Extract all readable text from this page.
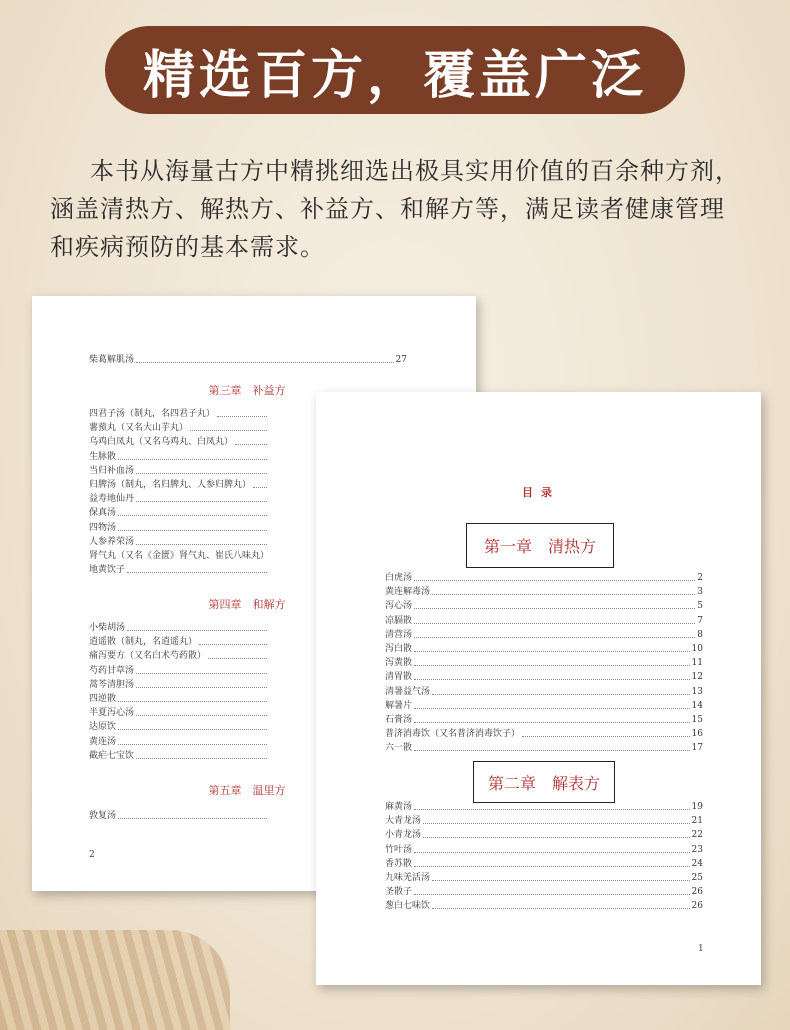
精选百方，覆盖广泛
本书从海量古方中精挑细选出极具实用价值的百余种方剂，
涵盖清热方、解热方、补益方、和解方等，满足读者健康管理
和疾病预防的基本需求。
柴葛解肌汤	27
第三章　补益方
第四章　和解方
第五章　温里方
2
四君子汤（制丸，名四君子丸）
薯蓣丸（又名大山芋丸）
乌鸡白凤丸（又名乌鸡丸、白凤丸）
生脉散
当归补血汤
归脾汤（制丸，名归脾丸、人参归脾丸）
益寿地仙丹
保真汤
四物汤
人参养荣汤
肾气丸（又名《金匮》肾气丸、崔氏八味丸）
地黄饮子
小柴胡汤
逍遥散（制丸，名逍遥丸）
痛泻要方（又名白术芍药散）
芍药甘草汤
蒿芩清胆汤
四逆散
半夏泻心汤
达原饮
黄连汤
截疟七宝饮
敦复汤
目录
第一章　清热方
第二章　解表方
1
白虎汤	2
黄连解毒汤	3
泻心汤	5
凉膈散	7
清营汤	8
泻白散	10
泻黄散	11
清胃散	12
清暑益气汤	13
解暑片	14
石膏汤	15
普济消毒饮（又名普济消毒饮子）	16
六一散	17
麻黄汤	19
大青龙汤	21
小青龙汤	22
竹叶汤	23
香苏散	24
九味羌活汤	25
圣散子	26
葱白七味饮	26
